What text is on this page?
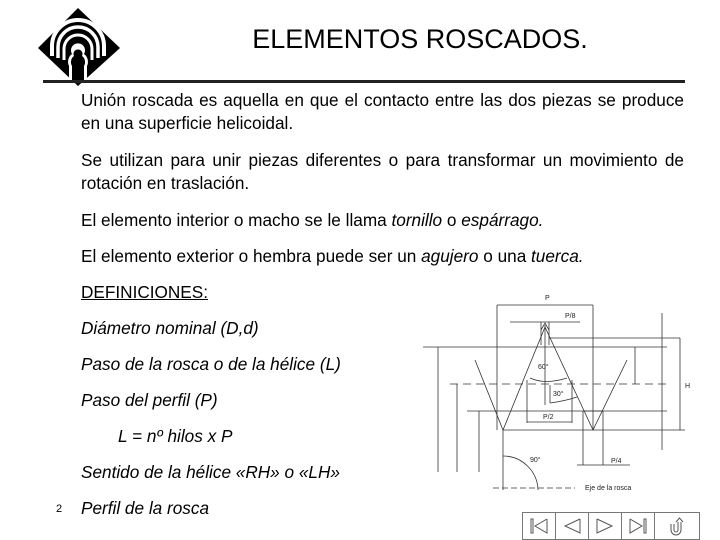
ELEMENTOS ROSCADOS.
Unión roscada es aquella en que el contacto entre las dos piezas se produce en una superficie helicoidal.
Se utilizan para unir piezas diferentes o para transformar un movimiento de rotación en traslación.
El elemento interior o macho se le llama tornillo o espárrago.
El elemento exterior o hembra puede ser un agujero o una tuerca.
DEFINICIONES:
Diámetro nominal (D,d)
Paso de la rosca o de la hélice (L)
Paso del perfil (P)
L = nº hilos x P
Sentido de la hélice «RH» o «LH»
Perfil de la rosca
2
P
P/8
60°
30°
P/2
P/4
90°
Eje de la rosca
H
